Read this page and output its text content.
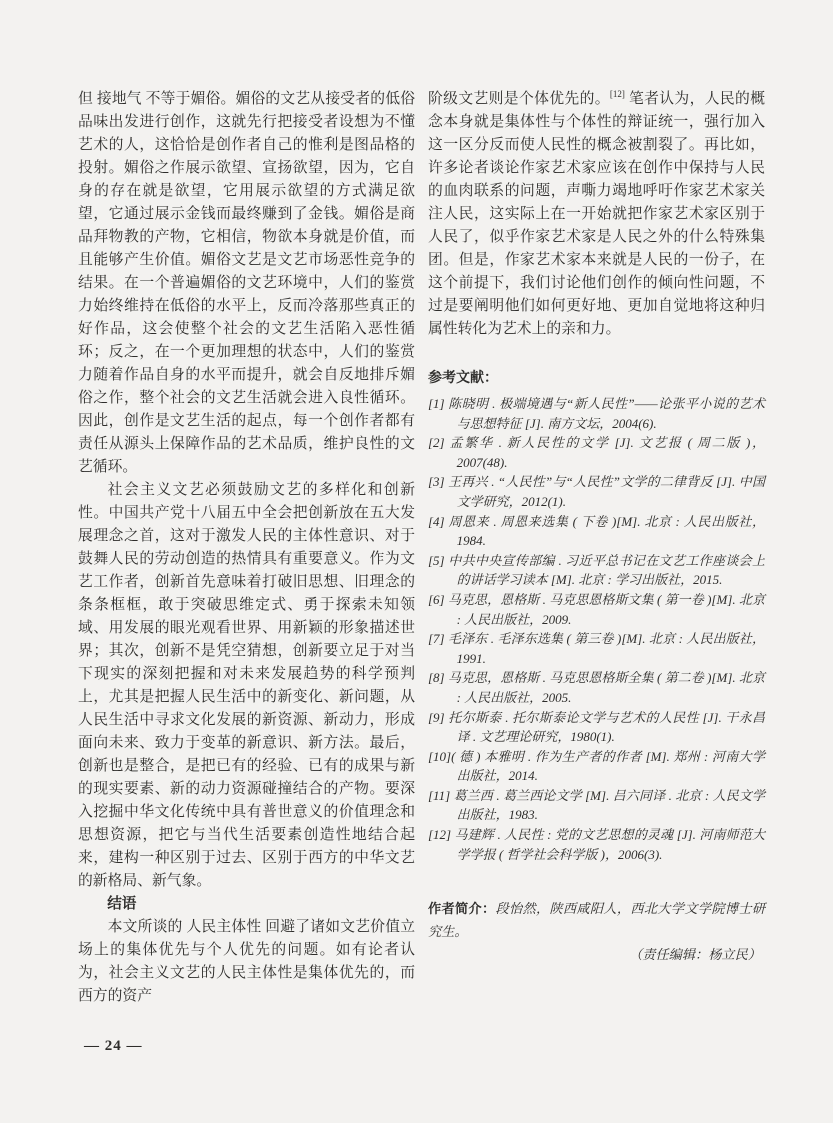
但 接地气 不等于媚俗。媚俗的文艺从接受者的低俗品味出发进行创作，这就先行把接受者设想为不懂艺术的人，这恰恰是创作者自己的惟利是图品格的投射。媚俗之作展示欲望、宣扬欲望，因为，它自身的存在就是欲望，它用展示欲望的方式满足欲望，它通过展示金钱而最终赚到了金钱。媚俗是商品拜物教的产物，它相信，物欲本身就是价值，而且能够产生价值。媚俗文艺是文艺市场恶性竞争的结果。在一个普遍媚俗的文艺环境中，人们的鉴赏力始终维持在低俗的水平上，反而冷落那些真正的好作品，这会使整个社会的文艺生活陷入恶性循环；反之，在一个更加理想的状态中，人们的鉴赏力随着作品自身的水平而提升，就会自反地排斥媚俗之作，整个社会的文艺生活就会进入良性循环。因此，创作是文艺生活的起点，每一个创作者都有责任从源头上保障作品的艺术品质，维护良性的文艺循环。

社会主义文艺必须鼓励文艺的多样化和创新性。中国共产党十八届五中全会把创新放在五大发展理念之首，这对于激发人民的主体性意识、对于鼓舞人民的劳动创造的热情具有重要意义。作为文艺工作者，创新首先意味着打破旧思想、旧理念的条条框框，敢于突破思维定式、勇于探索未知领域、用发展的眼光观看世界、用新颖的形象描述世界；其次，创新不是凭空猜想，创新要立足于对当下现实的深刻把握和对未来发展趋势的科学预判上，尤其是把握人民生活中的新变化、新问题，从人民生活中寻求文化发展的新资源、新动力，形成面向未来、致力于变革的新意识、新方法。最后，创新也是整合，是把已有的经验、已有的成果与新的现实要素、新的动力资源碰撞结合的产物。要深入挖掘中华文化传统中具有普世意义的价值理念和思想资源，把它与当代生活要素创造性地结合起来，建构一种区别于过去、区别于西方的中华文艺的新格局、新气象。

结语

本文所谈的 人民主体性 回避了诸如文艺价值立场上的集体优先与个人优先的问题。如有论者认为，社会主义文艺的人民主体性是集体优先的，而西方的资产

阶级文艺则是个体优先的。[12] 笔者认为，人民的概念本身就是集体性与个体性的辩证统一，强行加入这一区分反而使人民性的概念被割裂了。再比如，许多论者谈论作家艺术家应该在创作中保持与人民的血肉联系的问题，声嘶力竭地呼吁作家艺术家关注人民，这实际上在一开始就把作家艺术家区别于人民了，似乎作家艺术家是人民之外的什么特殊集团。但是，作家艺术家本来就是人民的一份子，在这个前提下，我们讨论他们创作的倾向性问题，不过是要阐明他们如何更好地、更加自觉地将这种归属性转化为艺术上的亲和力。

参考文献：

[1] 陈晓明 . 极端境遇与“新人民性”——论张平小说的艺术与思想特征 [J]. 南方文坛，2004(6).
[2] 孟繁华 . 新人民性的文学 [J]. 文艺报 ( 周二版 )，2007(48).
[3] 王再兴 . “人民性”与“人民性”文学的二律背反 [J]. 中国文学研究，2012(1).
[4] 周恩来 . 周恩来选集 ( 下卷 )[M]. 北京 : 人民出版社，1984.
[5] 中共中央宣传部编 . 习近平总书记在文艺工作座谈会上的讲话学习读本 [M]. 北京 : 学习出版社，2015.
[6] 马克思，恩格斯 . 马克思恩格斯文集 ( 第一卷 )[M]. 北京 : 人民出版社，2009.
[7] 毛泽东 . 毛泽东选集 ( 第三卷 )[M]. 北京 : 人民出版社，1991.
[8] 马克思，恩格斯 . 马克思恩格斯全集 ( 第二卷 )[M]. 北京 : 人民出版社，2005.
[9] 托尔斯泰 . 托尔斯泰论文学与艺术的人民性 [J]. 干永昌译 . 文艺理论研究，1980(1).
[10]( 德 ) 本雅明 . 作为生产者的作者 [M]. 郑州 : 河南大学出版社，2014.
[11] 葛兰西 . 葛兰西论文学 [M]. 吕六同译 . 北京 : 人民文学出版社，1983.
[12] 马建辉 . 人民性 : 党的文艺思想的灵魂 [J]. 河南师范大学学报 ( 哲学社会科学版 )，2006(3).

作者简介：段怡然，陕西咸阳人，西北大学文学院博士研究生。

（责任编辑：杨立民）

— 24 —
